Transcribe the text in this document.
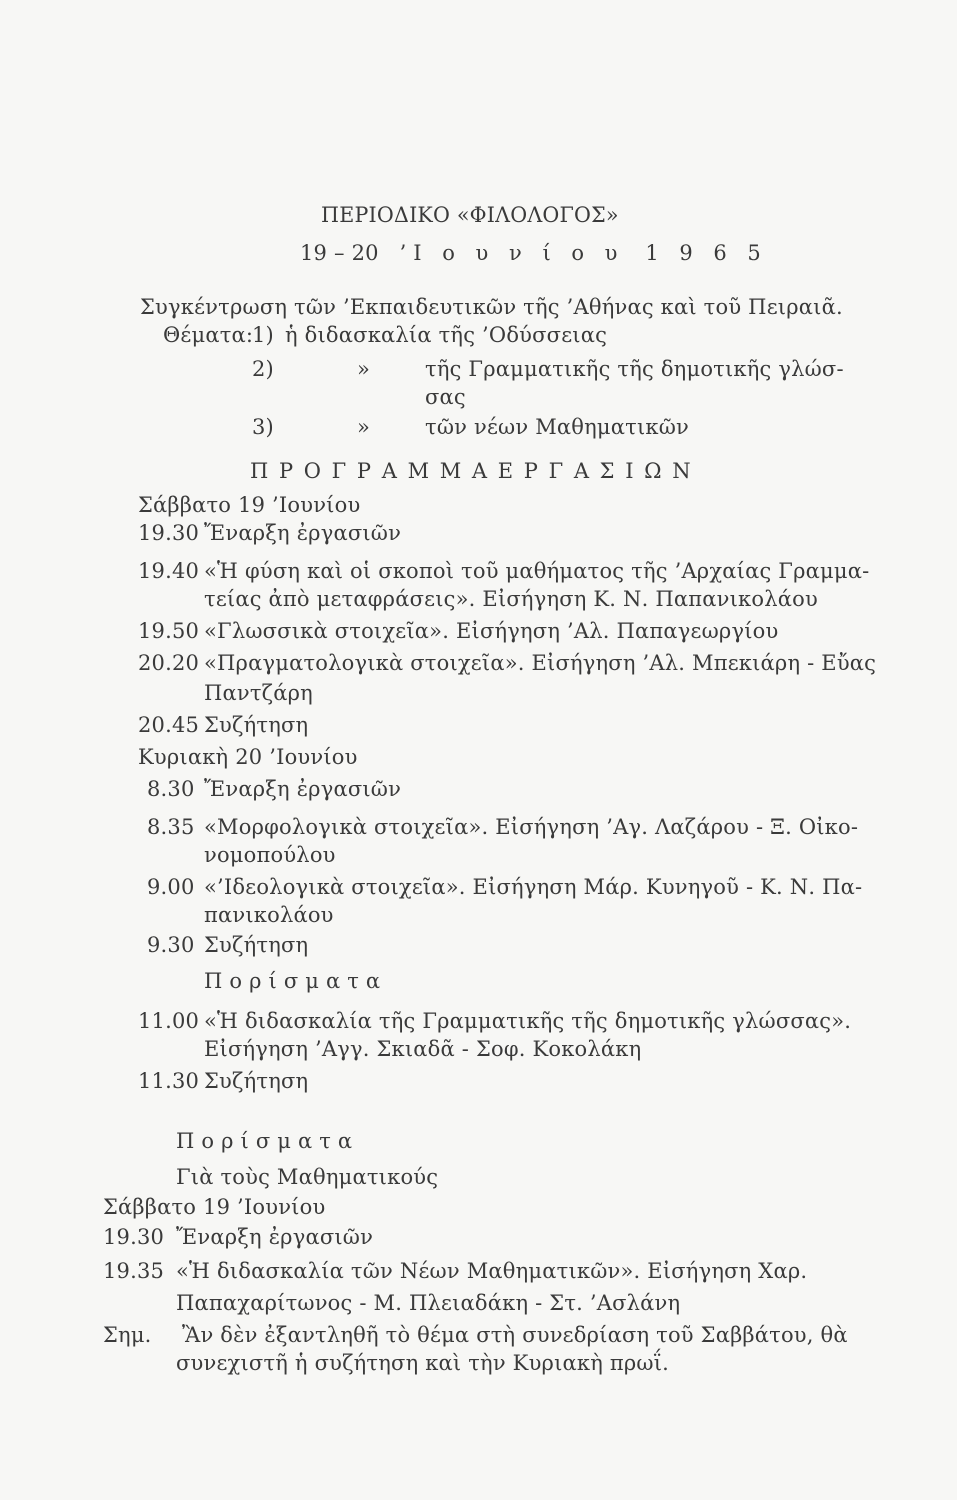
ΠΕΡΙΟΔΙΚΟ «ΦΙΛΟΛΟΓΟΣ»
19 – 20 ’Ι ο υ ν ί ο υ 1 9 6 5
Συγκέντρωση τῶν ’Εκπαιδευτικῶν τῆς ’Αθήνας καὶ τοῦ Πειραιᾶ.
Θέματα:
1) ἡ διδασκαλία τῆς ’Οδύσσειας
2)	»	τῆς Γραμματικῆς τῆς δημοτικῆς γλώσ-
σας
3)	»	τῶν νέων Μαθηματικῶν
Π Ρ Ο Γ Ρ Α Μ Μ Α Ε Ρ Γ Α Σ Ι Ω Ν
Σάββατο 19 ’Ιουνίου
19.30 Ἔναρξη ἐργασιῶν
19.40 «Ἡ φύση καὶ οἱ σκοποὶ τοῦ μαθήματος τῆς ’Αρχαίας Γραμμα-
τείας ἀπὸ μεταφράσεις». Εἰσήγηση Κ. Ν. Παπανικολάου
19.50 «Γλωσσικὰ στοιχεῖα». Εἰσήγηση ’Αλ. Παπαγεωργίου
20.20 «Πραγματολογικὰ στοιχεῖα». Εἰσήγηση ’Αλ. Μπεκιάρη - Εὔας
Παντζάρη
20.45 Συζήτηση
Κυριακὴ 20 ’Ιουνίου
8.30 Ἔναρξη ἐργασιῶν
8.35 «Μορφολογικὰ στοιχεῖα». Εἰσήγηση ’Αγ. Λαζάρου - Ξ. Οἰκο-
νομοπούλου
9.00 «’Ιδεολογικὰ στοιχεῖα». Εἰσήγηση Μάρ. Κυνηγοῦ - Κ. Ν. Πα-
πανικολάου
9.30 Συζήτηση
Π ο ρ ί σ μ α τ α
11.00 «Ἡ διδασκαλία τῆς Γραμματικῆς τῆς δημοτικῆς γλώσσας».
Εἰσήγηση ’Αγγ. Σκιαδᾶ - Σοφ. Κοκολάκη
11.30 Συζήτηση
Π ο ρ ί σ μ α τ α
Γιὰ τοὺς Μαθηματικούς
Σάββατο 19 ’Ιουνίου
19.30 Ἔναρξη ἐργασιῶν
19.35 «Ἡ διδασκαλία τῶν Νέων Μαθηματικῶν». Εἰσήγηση Χαρ.
Παπαχαρίτωνος - Μ. Πλειαδάκη - Στ. ’Ασλάνη
Σημ. Ἂν δὲν ἐξαντληθῆ τὸ θέμα στὴ συνεδρίαση τοῦ Σαββάτου, θὰ
συνεχιστῆ ἡ συζήτηση καὶ τὴν Κυριακὴ πρωΐ.
